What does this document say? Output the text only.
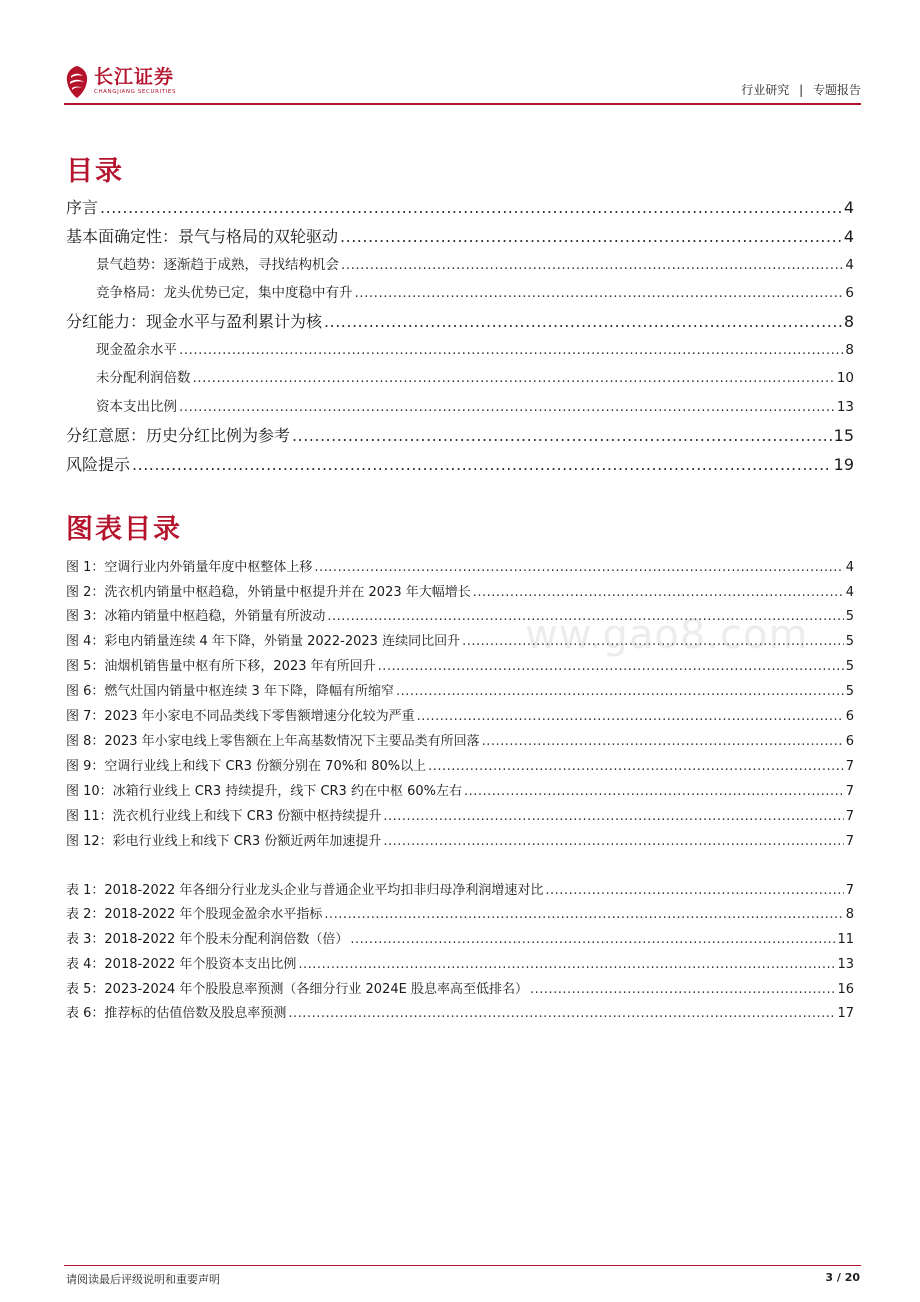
长江证券
CHANGJIANG SECURITIES	行业研究 | 专题报告
目录
序言 .....	4
基本面确定性：景气与格局的双轮驱动 .....	4
景气趋势：逐渐趋于成熟，寻找结构机会 .....	4
竞争格局：龙头优势已定，集中度稳中有升 .....	6
分红能力：现金水平与盈利累计为核 .....	8
现金盈余水平 .....	8
未分配利润倍数 .....	10
资本支出比例 .....	13
分红意愿：历史分红比例为参考 .....	15
风险提示 .....	19
图表目录
图 1：空调行业内外销量年度中枢整体上移 .....	4
图 2：洗衣机内销量中枢趋稳，外销量中枢提升并在 2023 年大幅增长 .....	4
图 3：冰箱内销量中枢趋稳，外销量有所波动 .....	5
图 4：彩电内销量连续 4 年下降，外销量 2022-2023 连续同比回升 .....	5
图 5：油烟机销售量中枢有所下移，2023 年有所回升 .....	5
图 6：燃气灶国内销量中枢连续 3 年下降，降幅有所缩窄 .....	5
图 7：2023 年小家电不同品类线下零售额增速分化较为严重 .....	6
图 8：2023 年小家电线上零售额在上年高基数情况下主要品类有所回落 .....	6
图 9：空调行业线上和线下 CR3 份额分别在 70%和 80%以上 .....	7
图 10：冰箱行业线上 CR3 持续提升，线下 CR3 约在中枢 60%左右 .....	7
图 11：洗衣机行业线上和线下 CR3 份额中枢持续提升 .....	7
图 12：彩电行业线上和线下 CR3 份额近两年加速提升 .....	7
表 1：2018-2022 年各细分行业龙头企业与普通企业平均扣非归母净利润增速对比 .....	7
表 2：2018-2022 年个股现金盈余水平指标 .....	8
表 3：2018-2022 年个股未分配利润倍数（倍） .....	11
表 4：2018-2022 年个股资本支出比例 .....	13
表 5：2023-2024 年个股股息率预测（各细分行业 2024E 股息率高至低排名） .....	16
表 6：推荐标的估值倍数及股息率预测 .....	17
ww.gao8.com
请阅读最后评级说明和重要声明	3 / 20
